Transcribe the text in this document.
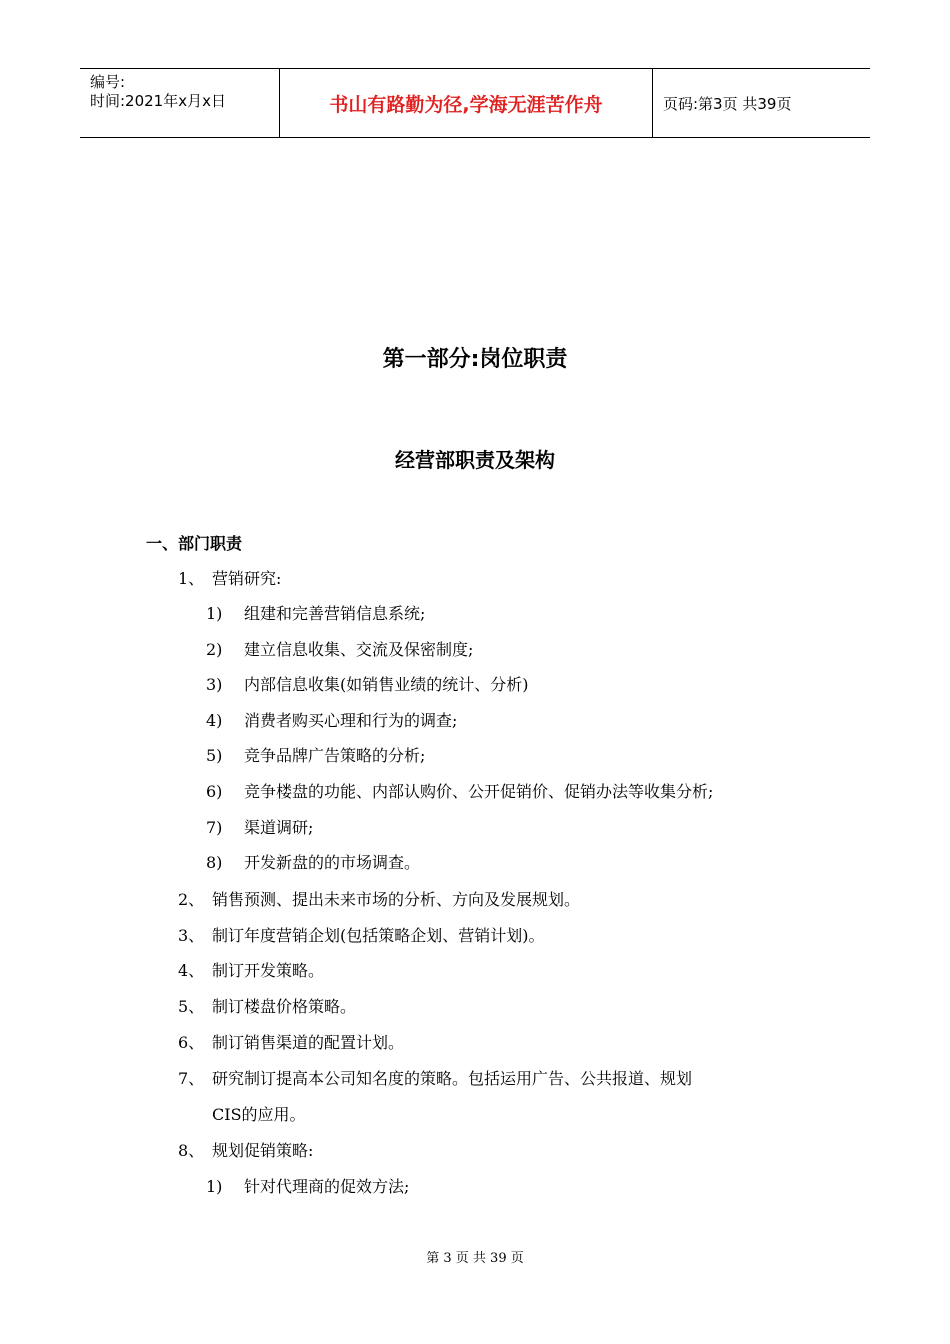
编号:
时间:2021年x月x日	书山有路勤为径,学海无涯苦作舟	页码:第3页 共39页
第一部分:岗位职责
经营部职责及架构
一、部门职责
1、 营销研究:
1) 组建和完善营销信息系统;
2) 建立信息收集、交流及保密制度;
3) 内部信息收集(如销售业绩的统计、分析)
4) 消费者购买心理和行为的调查;
5) 竞争品牌广告策略的分析;
6) 竞争楼盘的功能、内部认购价、公开促销价、促销办法等收集分析;
7) 渠道调研;
8) 开发新盘的的市场调查。
2、 销售预测、提出未来市场的分析、方向及发展规划。
3、 制订年度营销企划(包括策略企划、营销计划)。
4、 制订开发策略。
5、 制订楼盘价格策略。
6、 制订销售渠道的配置计划。
7、 研究制订提高本公司知名度的策略。包括运用广告、公共报道、规划
CIS的应用。
8、 规划促销策略:
1) 针对代理商的促效方法;
第 3 页 共 39 页
